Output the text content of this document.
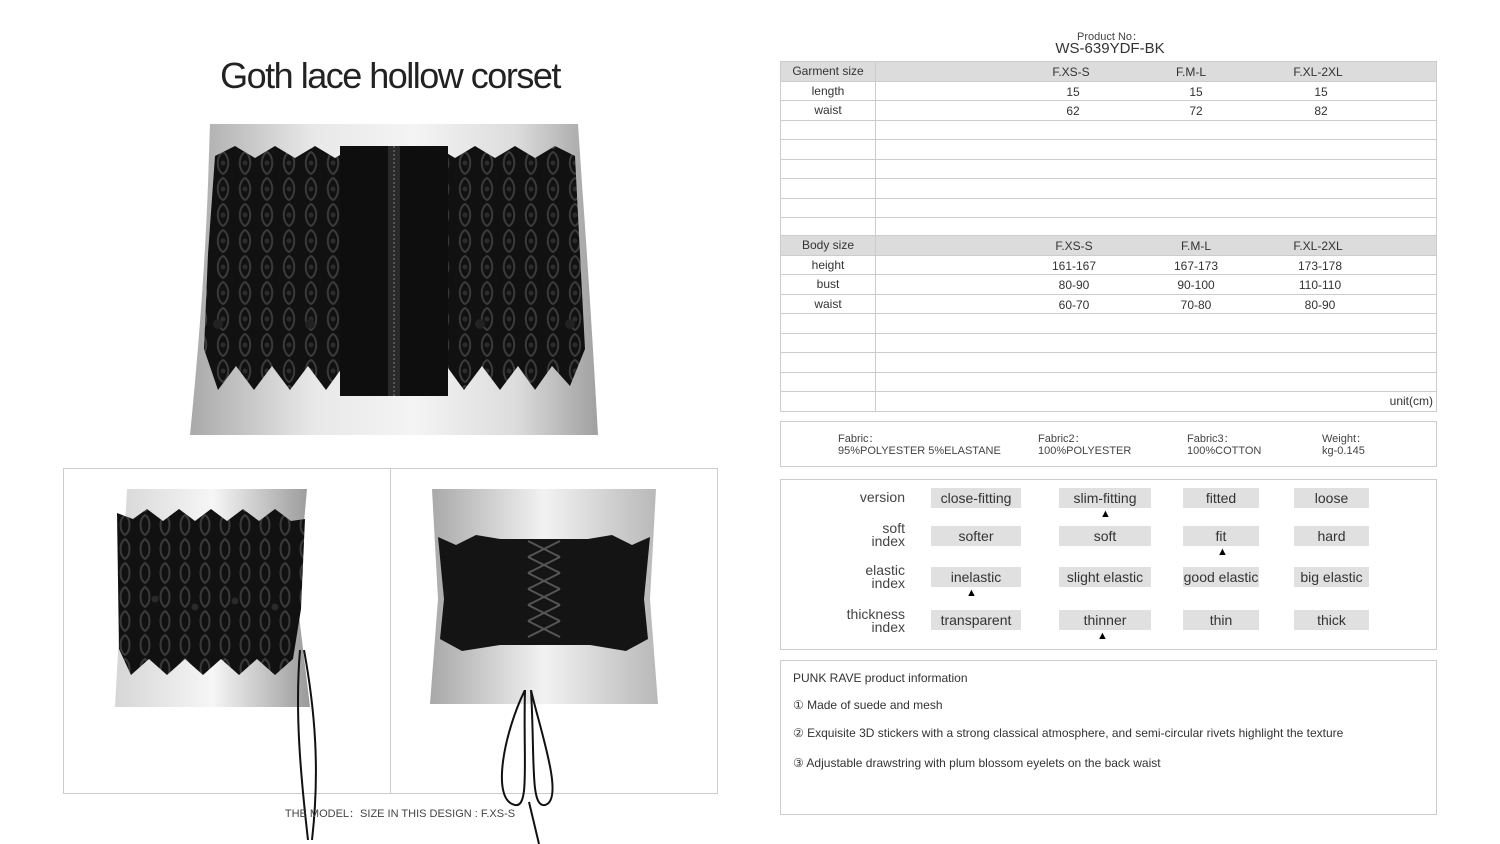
Goth lace hollow corset
THE MODEL：SIZE IN THIS DESIGN : F.XS-S
Product No：
WS-639YDF-BK
Garment size	F.XS-S F.M-L F.XL-2XL

length	15 15 15

waist	62 72 82

Body size	F.XS-S F.M-L F.XL-2XL

height	161-167 167-173 173-178

bust	80-90 90-100 110-110

waist	60-70 70-80 80-90

	unit(cm)
Fabric：
95%POLYESTER 5%ELASTANE
Fabric2：
100%POLYESTER
Fabric3：
100%COTTON
Weight：
kg-0.145
version	close-fitting	slim-fitting	fitted	loose
▲
soft
index	softer	soft	fit	hard
▲
elastic
index	inelastic	slight elastic	good elastic	big elastic
▲
thickness
index	transparent	thinner	thin	thick
▲
PUNK RAVE product information
① Made of suede and mesh
② Exquisite 3D stickers with a strong classical atmosphere, and semi-circular rivets highlight the texture
③ Adjustable drawstring with plum blossom eyelets on the back waist
